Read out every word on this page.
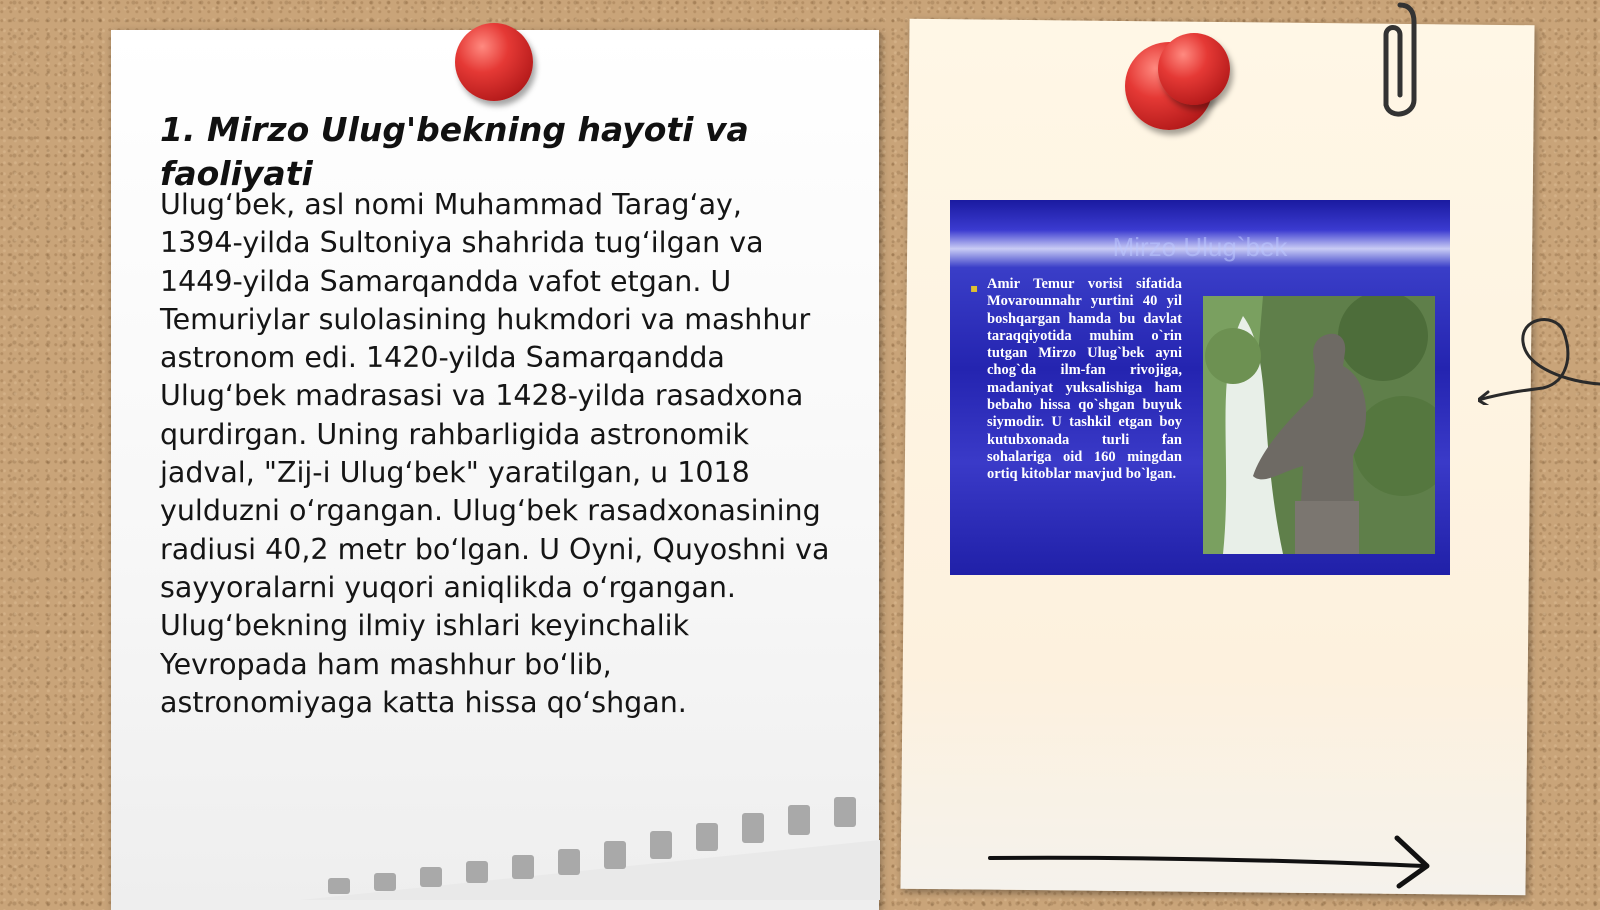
1. Mirzo Ulug'bekning hayoti va faoliyati

Ulugʻbek, asl nomi Muhammad Taragʻay, 1394-yilda Sultoniya shahrida tugʻilgan va 1449-yilda Samarqandda vafot etgan. U Temuriylar sulolasining hukmdori va mashhur astronom edi. 1420-yilda Samarqandda Ulugʻbek madrasasi va 1428-yilda rasadxona qurdirgan. Uning rahbarligida astronomik jadval, "Zij-i Ulugʻbek" yaratilgan, u 1018 yulduzni oʻrgangan. Ulugʻbek rasadxonasining radiusi 40,2 metr boʻlgan. U Oyni, Quyoshni va sayyoralarni yuqori aniqlikda oʻrgangan. Ulugʻbekning ilmiy ishlari keyinchalik Yevropada ham mashhur boʻlib, astronomiyaga katta hissa qoʻshgan.

Mirzo Ulug`bek
▪ Amir Temur vorisi sifatida Movarounnahr yurtini 40 yil boshqargan hamda bu davlat taraqqiyotida muhim o`rin tutgan Mirzo Ulug`bek ayni chog`da ilm-fan rivojiga, madaniyat yuksalishiga ham bebaho hissa qo`shgan buyuk siymodir. U tashkil etgan boy kutubxonada turli fan sohalariga oid 160 mingdan ortiq kitoblar mavjud bo`lgan.
